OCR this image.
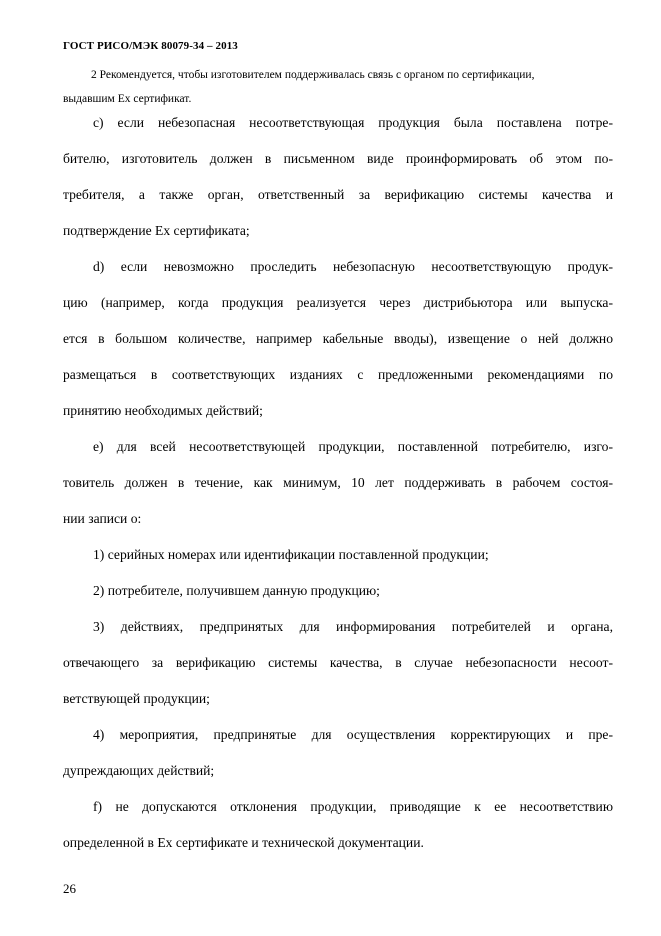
ГОСТ РИСО/МЭК 80079-34 – 2013
2 Рекомендуется, чтобы изготовителем поддерживалась связь с органом по сертификации,
выдавшим Ex сертификат.
c) если небезопасная несоответствующая продукция была поставлена потре-
бителю, изготовитель должен в письменном виде проинформировать об этом по-
требителя, а также орган, ответственный за верификацию системы качества и
подтверждение Ex сертификата;
d) если невозможно проследить небезопасную несоответствующую продук-
цию (например, когда продукция реализуется через дистрибьютора или выпуска-
ется в большом количестве, например кабельные вводы), извещение о ней должно
размещаться в соответствующих изданиях с предложенными рекомендациями по
принятию необходимых действий;
e) для всей несоответствующей продукции, поставленной потребителю, изго-
товитель должен в течение, как минимум, 10 лет поддерживать в рабочем состоя-
нии записи о:
1) серийных номерах или идентификации поставленной продукции;
2) потребителе, получившем данную продукцию;
3) действиях, предпринятых для информирования потребителей и органа,
отвечающего за верификацию системы качества, в случае небезопасности несоот-
ветствующей продукции;
4) мероприятия, предпринятые для осуществления корректирующих и пре-
дупреждающих действий;
f) не допускаются отклонения продукции, приводящие к ее несоответствию
определенной в Ex сертификате и технической документации.
26
